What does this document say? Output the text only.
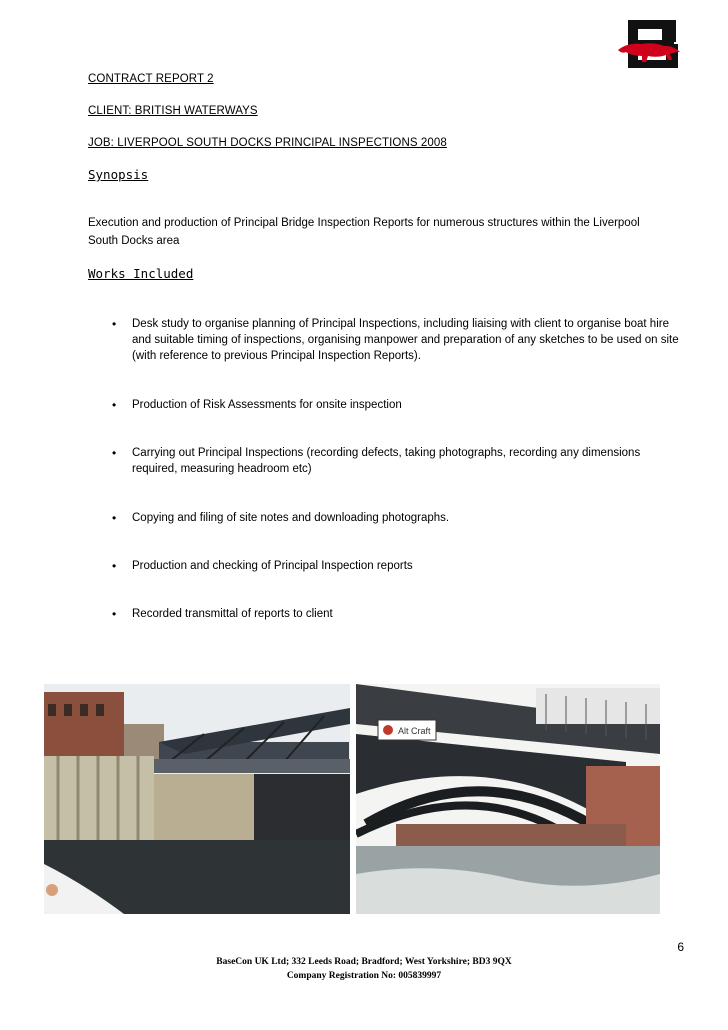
CONTRACT REPORT 2
CLIENT: BRITISH WATERWAYS
JOB: LIVERPOOL SOUTH DOCKS PRINCIPAL INSPECTIONS 2008
Synopsis
Execution and production of Principal Bridge Inspection Reports for numerous structures within the Liverpool South Docks area
Works Included
• Desk study to organise planning of Principal Inspections, including liaising with client to organise boat hire and suitable timing of inspections, organising manpower and preparation of any sketches to be used on site (with reference to previous Principal Inspection Reports).
• Production of Risk Assessments for onsite inspection
• Carrying out Principal Inspections (recording defects, taking photographs, recording any dimensions required, measuring headroom etc)
• Copying and filing of site notes and downloading photographs.
• Production and checking of Principal Inspection reports
• Recorded transmittal of reports to client
Alt Craft
6
BaseCon UK Ltd; 332 Leeds Road; Bradford; West Yorkshire; BD3 9QX
Company Registration No: 005839997
